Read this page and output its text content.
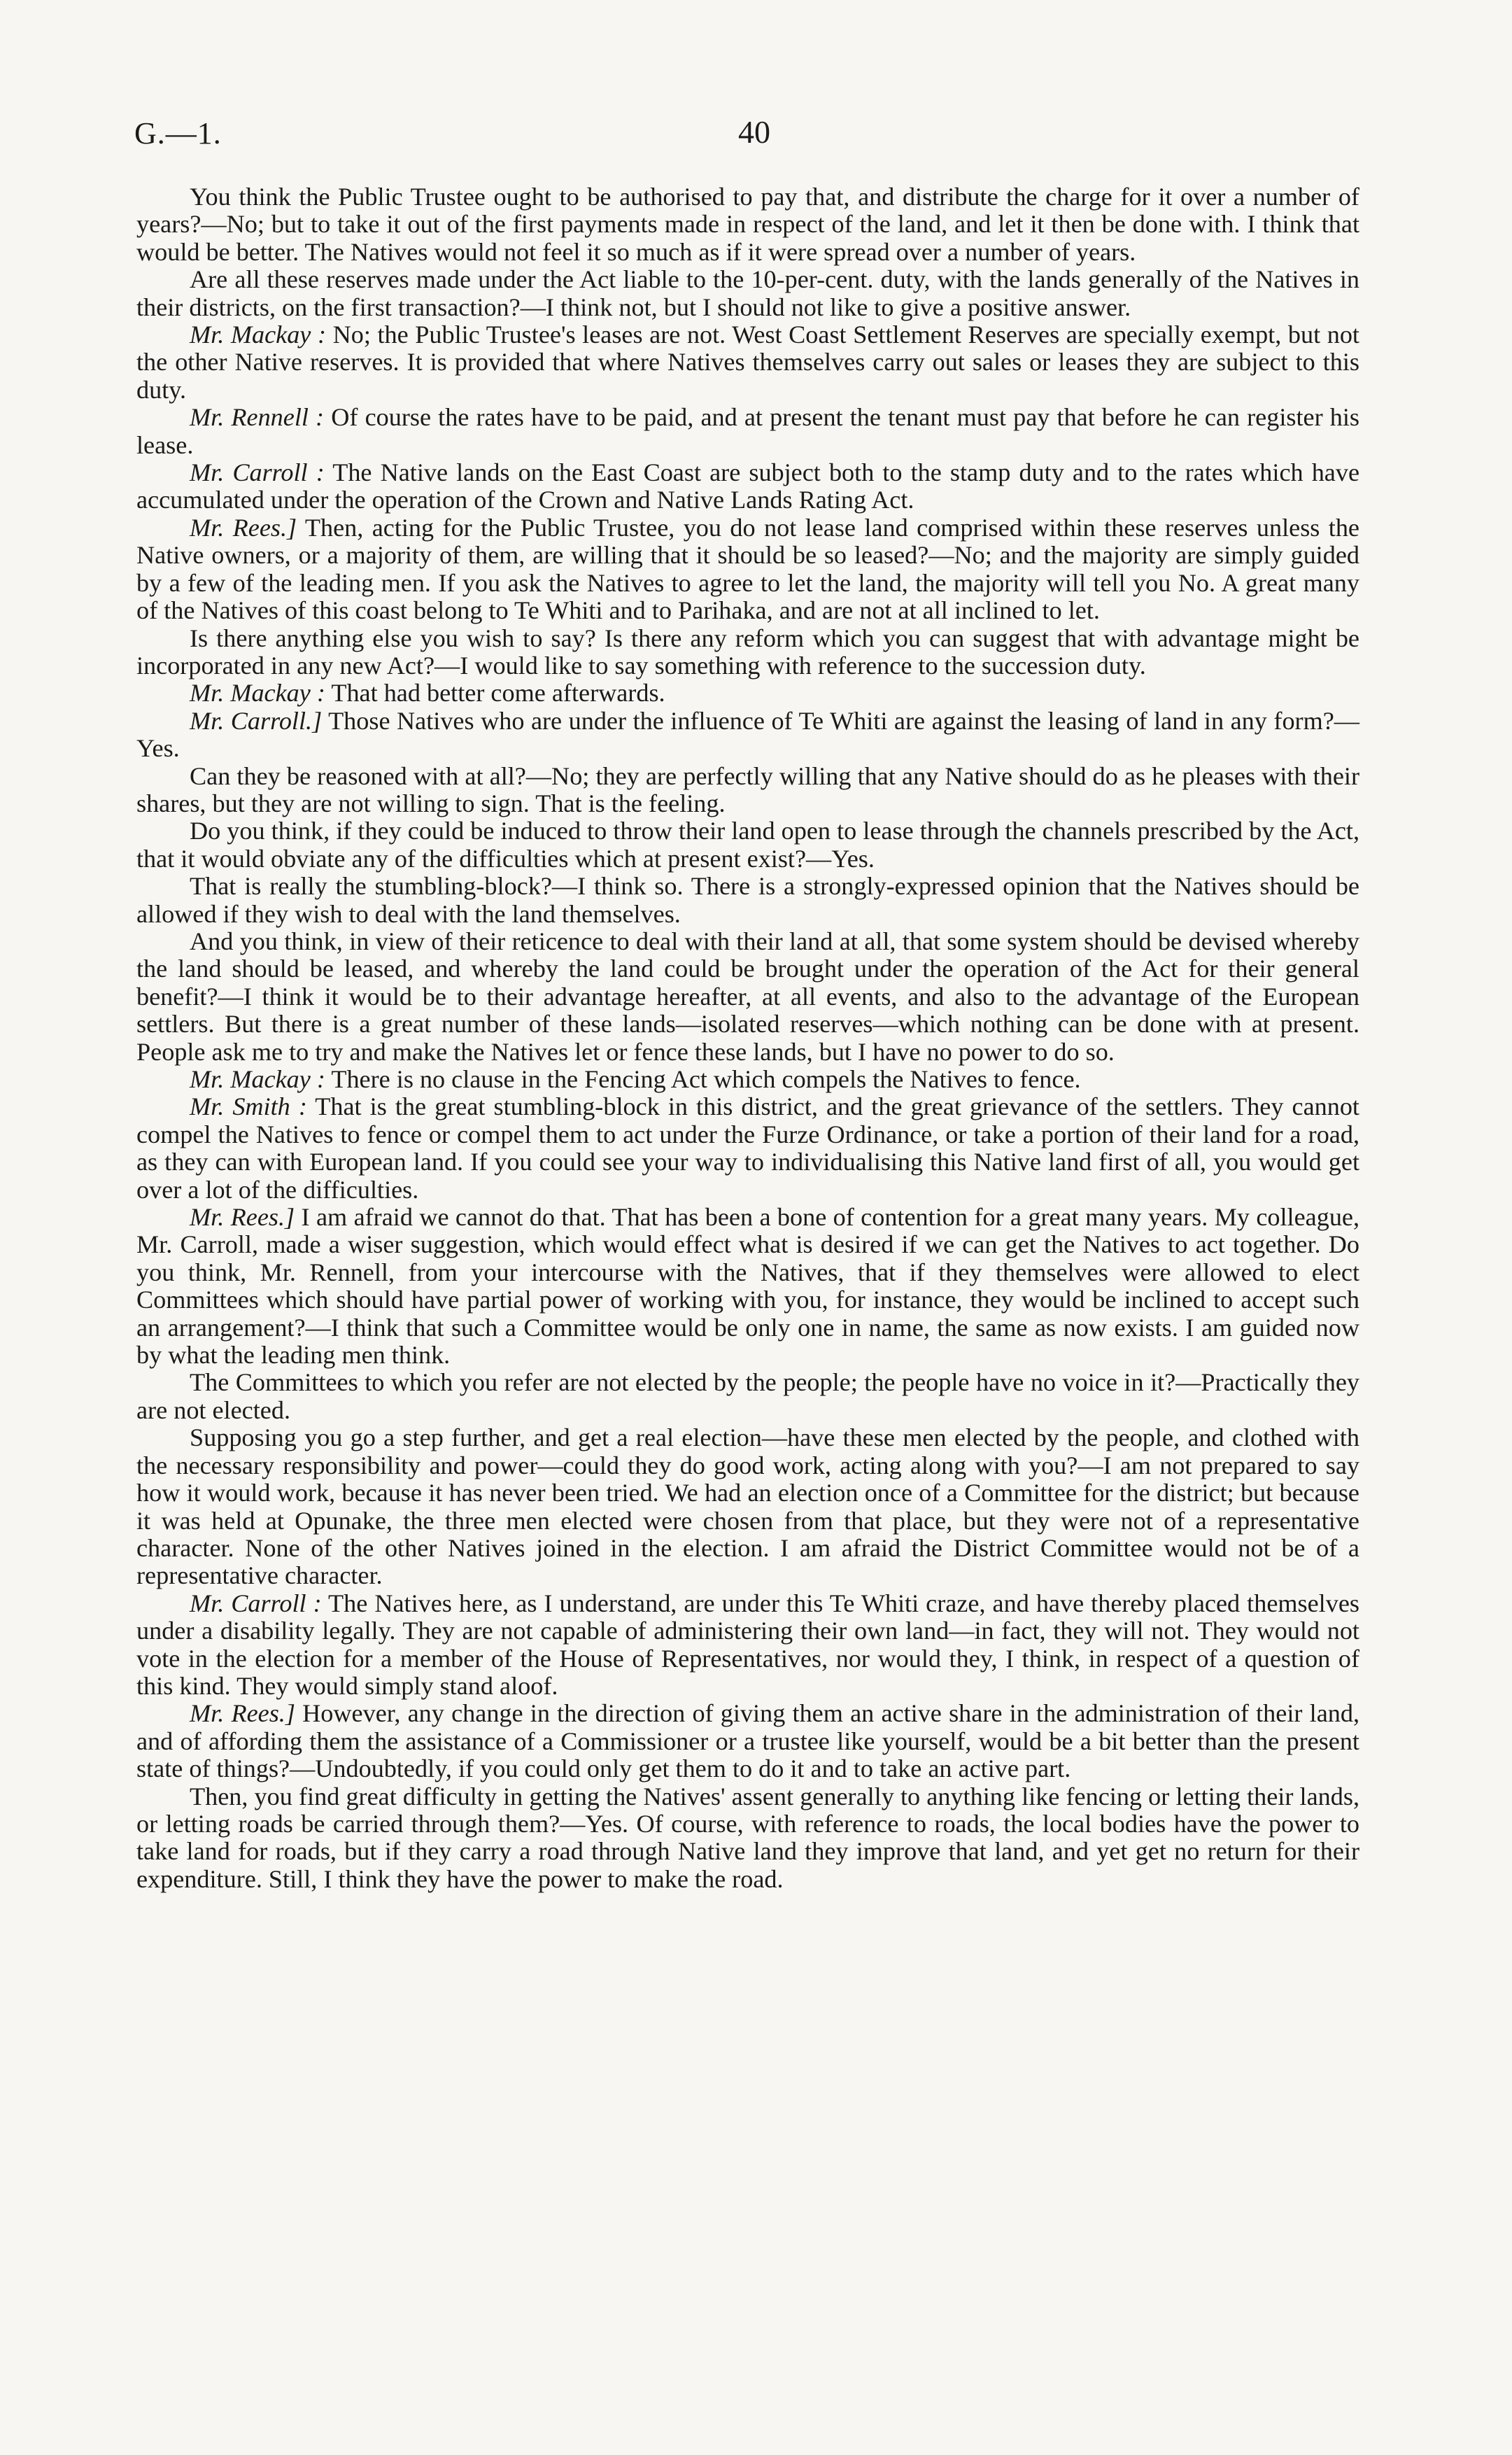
G.—1.	40

You think the Public Trustee ought to be authorised to pay that, and distribute the charge for it over a number of years?—No; but to take it out of the first payments made in respect of the land, and let it then be done with. I think that would be better. The Natives would not feel it so much as if it were spread over a number of years.

Are all these reserves made under the Act liable to the 10-per-cent. duty, with the lands generally of the Natives in their districts, on the first transaction?—I think not, but I should not like to give a positive answer.

Mr. Mackay : No; the Public Trustee's leases are not. West Coast Settlement Reserves are specially exempt, but not the other Native reserves. It is provided that where Natives themselves carry out sales or leases they are subject to this duty.

Mr. Rennell : Of course the rates have to be paid, and at present the tenant must pay that before he can register his lease.

Mr. Carroll : The Native lands on the East Coast are subject both to the stamp duty and to the rates which have accumulated under the operation of the Crown and Native Lands Rating Act.

Mr. Rees.] Then, acting for the Public Trustee, you do not lease land comprised within these reserves unless the Native owners, or a majority of them, are willing that it should be so leased?—No; and the majority are simply guided by a few of the leading men. If you ask the Natives to agree to let the land, the majority will tell you No. A great many of the Natives of this coast belong to Te Whiti and to Parihaka, and are not at all inclined to let.

Is there anything else you wish to say? Is there any reform which you can suggest that with advantage might be incorporated in any new Act?—I would like to say something with reference to the succession duty.

Mr. Mackay : That had better come afterwards.

Mr. Carroll.] Those Natives who are under the influence of Te Whiti are against the leasing of land in any form?—Yes.

Can they be reasoned with at all?—No; they are perfectly willing that any Native should do as he pleases with their shares, but they are not willing to sign. That is the feeling.

Do you think, if they could be induced to throw their land open to lease through the channels prescribed by the Act, that it would obviate any of the difficulties which at present exist?—Yes.

That is really the stumbling-block?—I think so. There is a strongly-expressed opinion that the Natives should be allowed if they wish to deal with the land themselves.

And you think, in view of their reticence to deal with their land at all, that some system should be devised whereby the land should be leased, and whereby the land could be brought under the operation of the Act for their general benefit?—I think it would be to their advantage hereafter, at all events, and also to the advantage of the European settlers. But there is a great number of these lands—isolated reserves—which nothing can be done with at present. People ask me to try and make the Natives let or fence these lands, but I have no power to do so.

Mr. Mackay : There is no clause in the Fencing Act which compels the Natives to fence.

Mr. Smith : That is the great stumbling-block in this district, and the great grievance of the settlers. They cannot compel the Natives to fence or compel them to act under the Furze Ordinance, or take a portion of their land for a road, as they can with European land. If you could see your way to individualising this Native land first of all, you would get over a lot of the difficulties.

Mr. Rees.] I am afraid we cannot do that. That has been a bone of contention for a great many years. My colleague, Mr. Carroll, made a wiser suggestion, which would effect what is desired if we can get the Natives to act together. Do you think, Mr. Rennell, from your intercourse with the Natives, that if they themselves were allowed to elect Committees which should have partial power of working with you, for instance, they would be inclined to accept such an arrangement?—I think that such a Committee would be only one in name, the same as now exists. I am guided now by what the leading men think.

The Committees to which you refer are not elected by the people; the people have no voice in it?—Practically they are not elected.

Supposing you go a step further, and get a real election—have these men elected by the people, and clothed with the necessary responsibility and power—could they do good work, acting along with you?—I am not prepared to say how it would work, because it has never been tried. We had an election once of a Committee for the district; but because it was held at Opunake, the three men elected were chosen from that place, but they were not of a representative character. None of the other Natives joined in the election. I am afraid the District Committee would not be of a representative character.

Mr. Carroll : The Natives here, as I understand, are under this Te Whiti craze, and have thereby placed themselves under a disability legally. They are not capable of administering their own land—in fact, they will not. They would not vote in the election for a member of the House of Representatives, nor would they, I think, in respect of a question of this kind. They would simply stand aloof.

Mr. Rees.] However, any change in the direction of giving them an active share in the administration of their land, and of affording them the assistance of a Commissioner or a trustee like yourself, would be a bit better than the present state of things?—Undoubtedly, if you could only get them to do it and to take an active part.

Then, you find great difficulty in getting the Natives' assent generally to anything like fencing or letting their lands, or letting roads be carried through them?—Yes. Of course, with reference to roads, the local bodies have the power to take land for roads, but if they carry a road through Native land they improve that land, and yet get no return for their expenditure. Still, I think they have the power to make the road.
